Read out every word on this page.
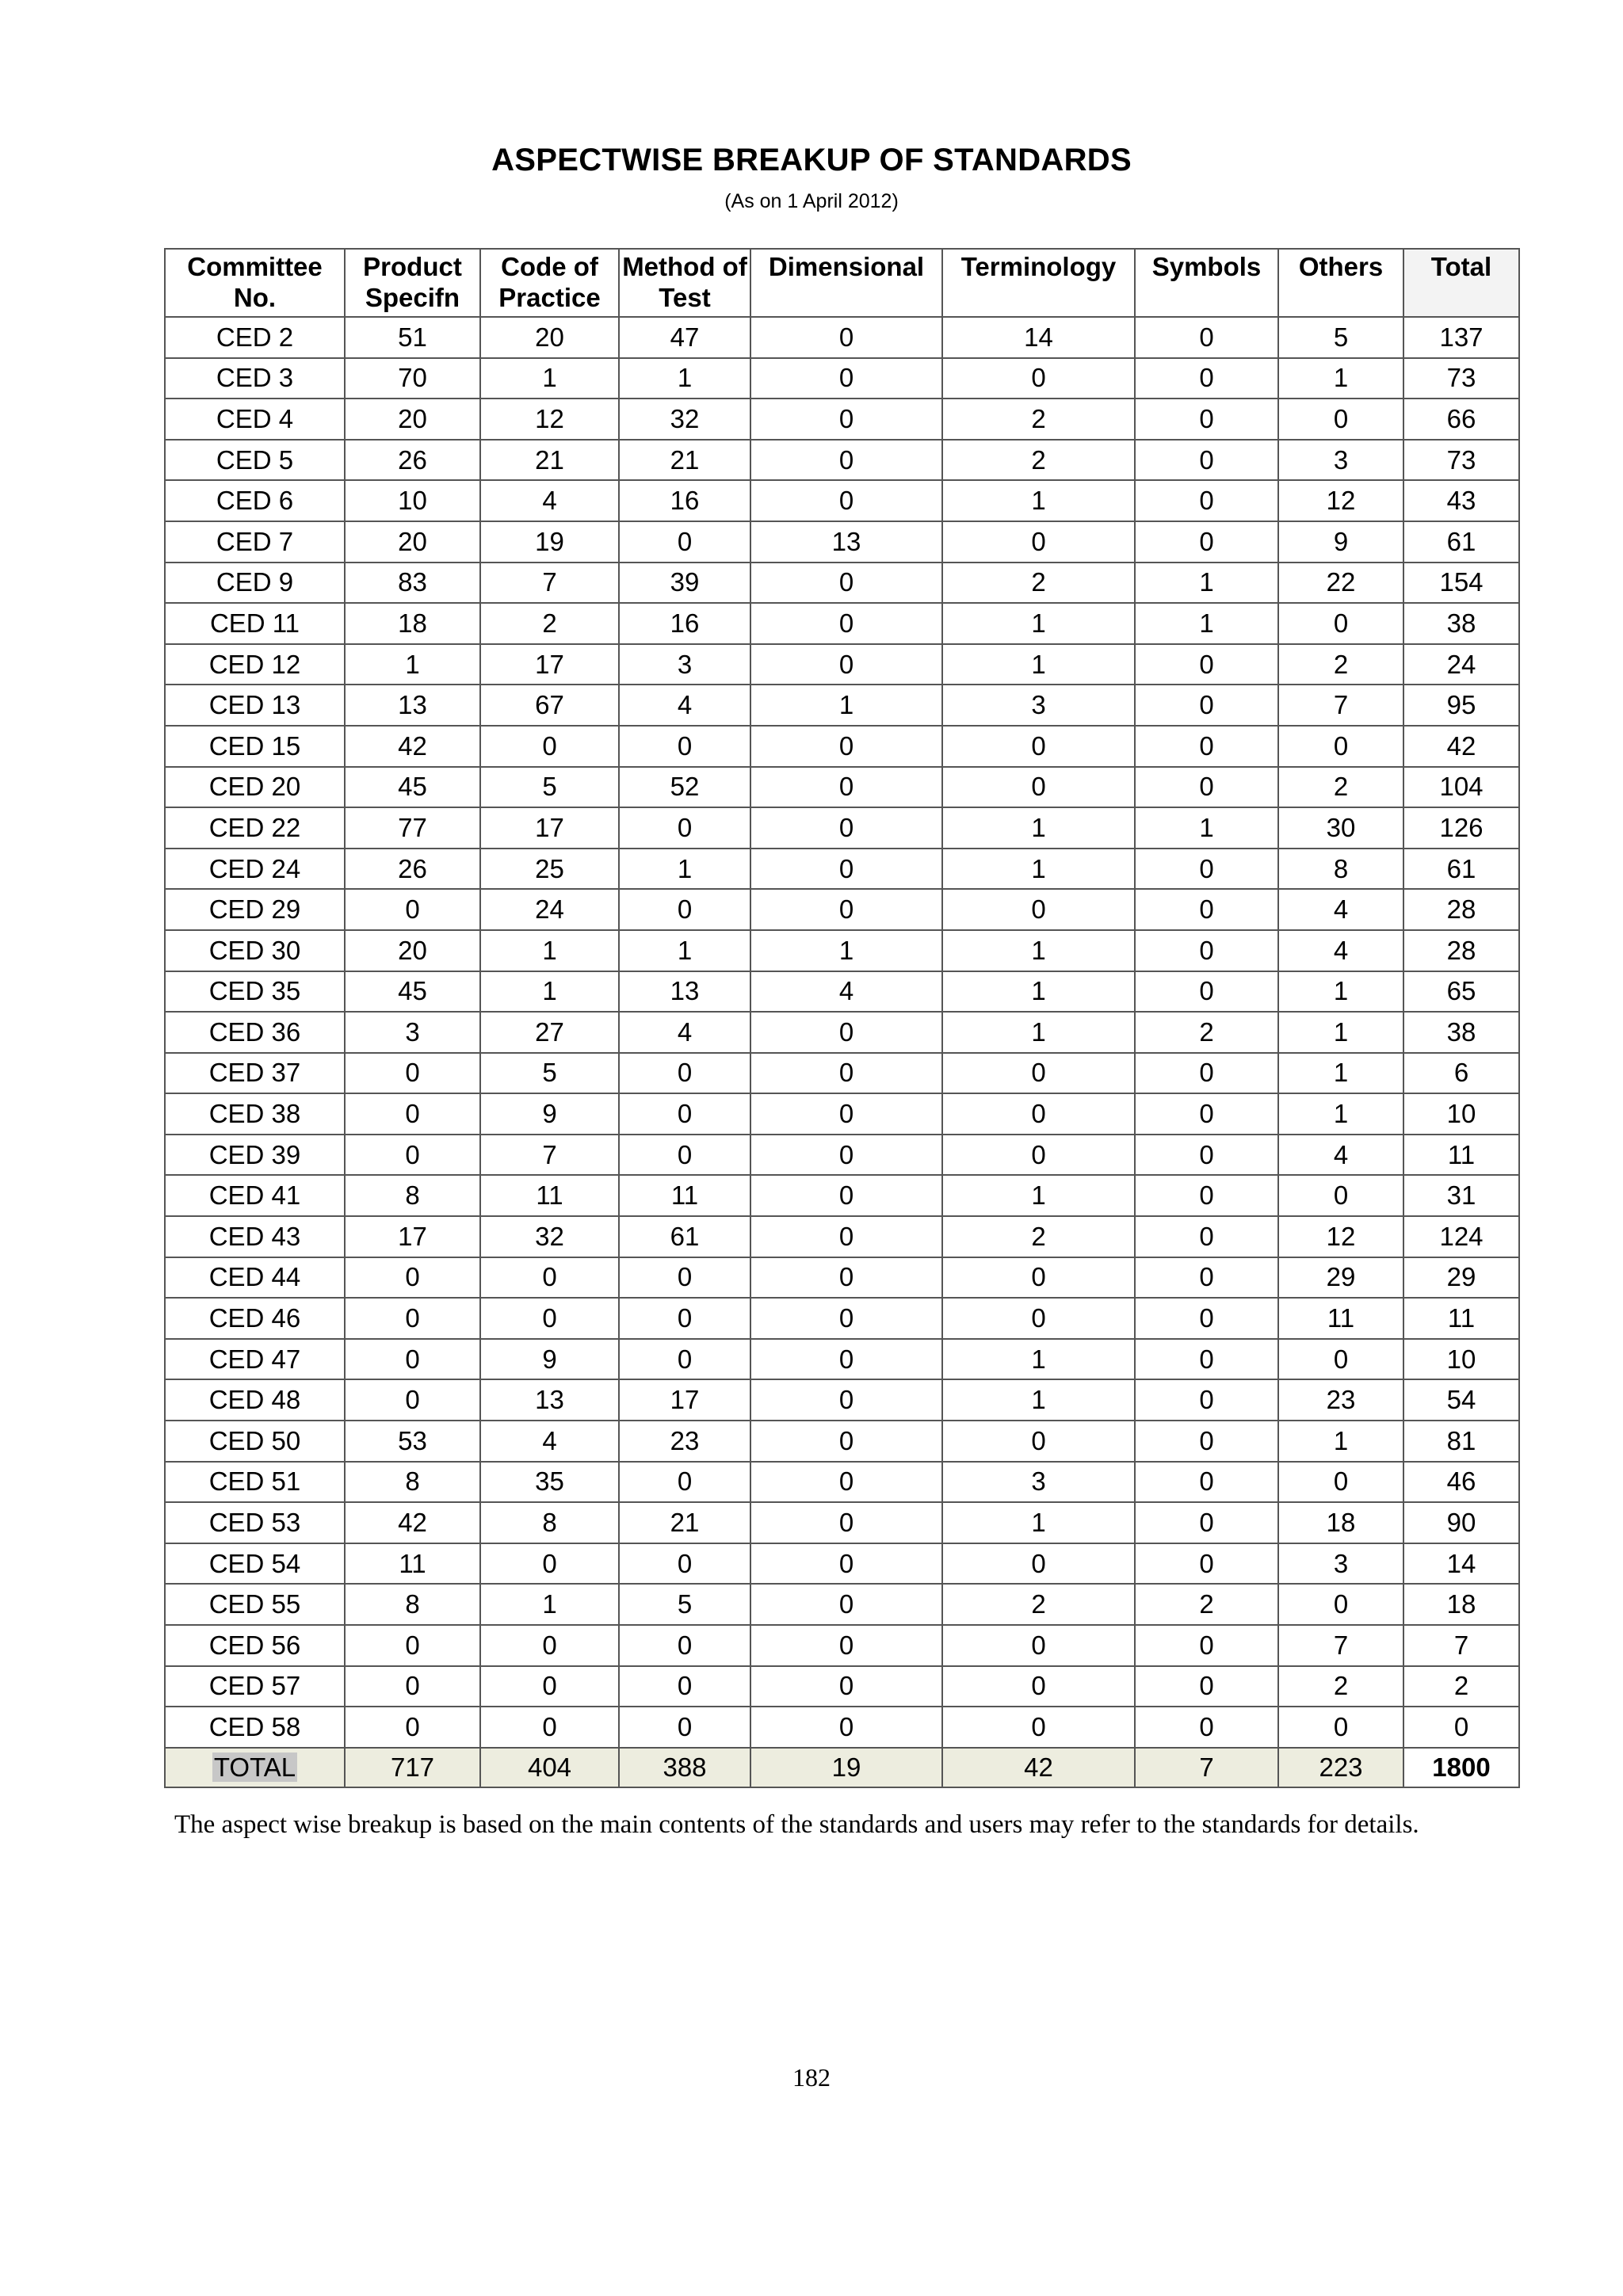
ASPECTWISE BREAKUP OF STANDARDS
(As on 1 April 2012)
Committee No.	Product Specifn	Code of Practice	Method of Test	Dimensional	Terminology	Symbols	Others	Total
CED 2	51	20	47	0	14	0	5	137
CED 3	70	1	1	0	0	0	1	73
CED 4	20	12	32	0	2	0	0	66
CED 5	26	21	21	0	2	0	3	73
CED 6	10	4	16	0	1	0	12	43
CED 7	20	19	0	13	0	0	9	61
CED 9	83	7	39	0	2	1	22	154
CED 11	18	2	16	0	1	1	0	38
CED 12	1	17	3	0	1	0	2	24
CED 13	13	67	4	1	3	0	7	95
CED 15	42	0	0	0	0	0	0	42
CED 20	45	5	52	0	0	0	2	104
CED 22	77	17	0	0	1	1	30	126
CED 24	26	25	1	0	1	0	8	61
CED 29	0	24	0	0	0	0	4	28
CED 30	20	1	1	1	1	0	4	28
CED 35	45	1	13	4	1	0	1	65
CED 36	3	27	4	0	1	2	1	38
CED 37	0	5	0	0	0	0	1	6
CED 38	0	9	0	0	0	0	1	10
CED 39	0	7	0	0	0	0	4	11
CED 41	8	11	11	0	1	0	0	31
CED 43	17	32	61	0	2	0	12	124
CED 44	0	0	0	0	0	0	29	29
CED 46	0	0	0	0	0	0	11	11
CED 47	0	9	0	0	1	0	0	10
CED 48	0	13	17	0	1	0	23	54
CED 50	53	4	23	0	0	0	1	81
CED 51	8	35	0	0	3	0	0	46
CED 53	42	8	21	0	1	0	18	90
CED 54	11	0	0	0	0	0	3	14
CED 55	8	1	5	0	2	2	0	18
CED 56	0	0	0	0	0	0	7	7
CED 57	0	0	0	0	0	0	2	2
CED 58	0	0	0	0	0	0	0	0
TOTAL	717	404	388	19	42	7	223	1800
The aspect wise breakup is based on the main contents of the standards and users may refer to the standards for details.
182
